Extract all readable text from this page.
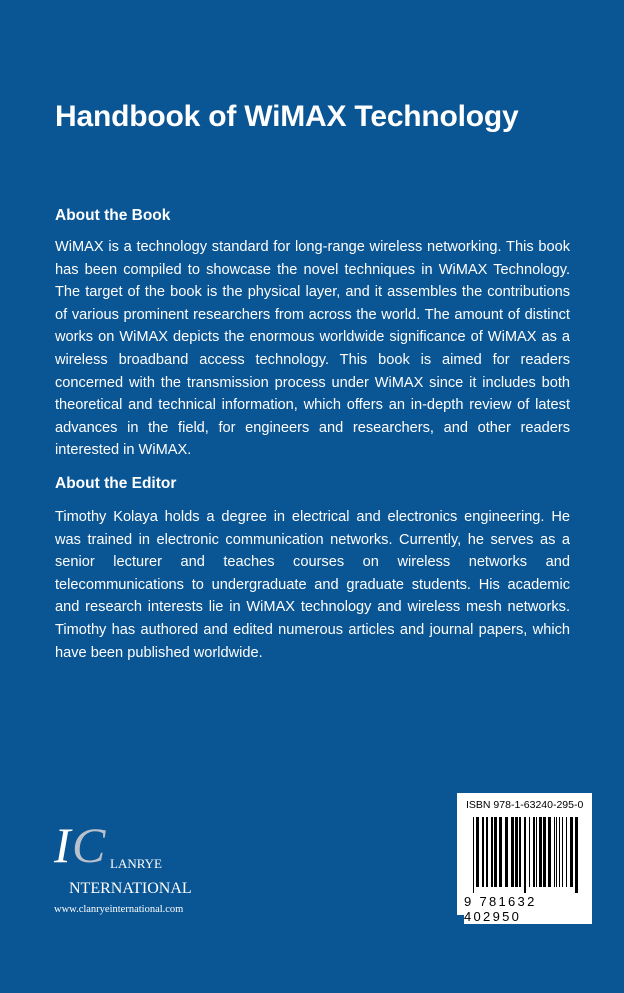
Handbook of WiMAX Technology
About the Book
WiMAX is a technology standard for long-range wireless networking. This book has been compiled to showcase the novel techniques in WiMAX Technology. The target of the book is the physical layer, and it assembles the contributions of various prominent researchers from across the world. The amount of distinct works on WiMAX depicts the enormous worldwide significance of WiMAX as a wireless broadband access technology. This book is aimed for readers concerned with the transmission process under WiMAX since it includes both theoretical and technical information, which offers an in-depth review of latest advances in the field, for engineers and researchers, and other readers interested in WiMAX.
About the Editor
Timothy Kolaya holds a degree in electrical and electronics engineering. He was trained in electronic communication networks. Currently, he serves as a senior lecturer and teaches courses on wireless networks and telecommunications to undergraduate and graduate students. His academic and research interests lie in WiMAX technology and wireless mesh networks. Timothy has authored and edited numerous articles and journal papers, which have been published worldwide.
I C LANRYE
NTERNATIONAL
www.clanryeinternational.com
ISBN 978-1-63240-295-0
9 781632 402950
